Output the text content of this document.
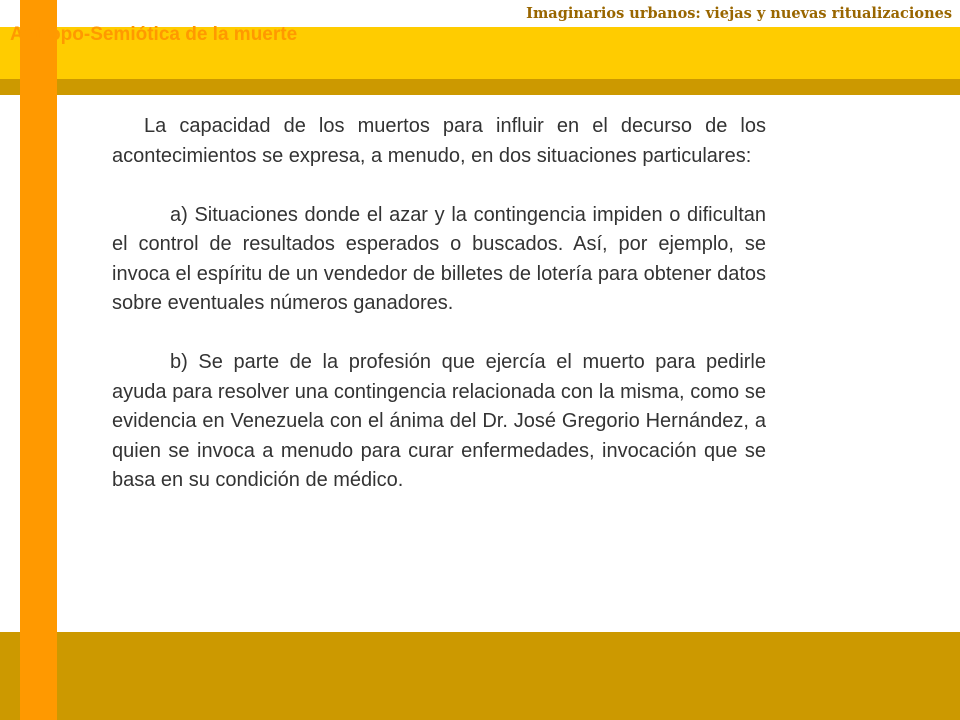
Imaginarios urbanos: viejas y nuevas ritualizaciones
Antropo-Semiótica de la muerte

La capacidad de los muertos para influir en el decurso de los acontecimientos se expresa, a menudo, en dos situaciones particulares:

a) Situaciones donde el azar y la contingencia impiden o dificultan el control de resultados esperados o buscados. Así, por ejemplo, se invoca el espíritu de un vendedor de billetes de lotería para obtener datos sobre eventuales números ganadores.

b) Se parte de la profesión que ejercía el muerto para pedirle ayuda para resolver una contingencia relacionada con la misma, como se evidencia en Venezuela con el ánima del Dr. José Gregorio Hernández, a quien se invoca a menudo para curar enfermedades, invocación que se basa en su condición de médico.
